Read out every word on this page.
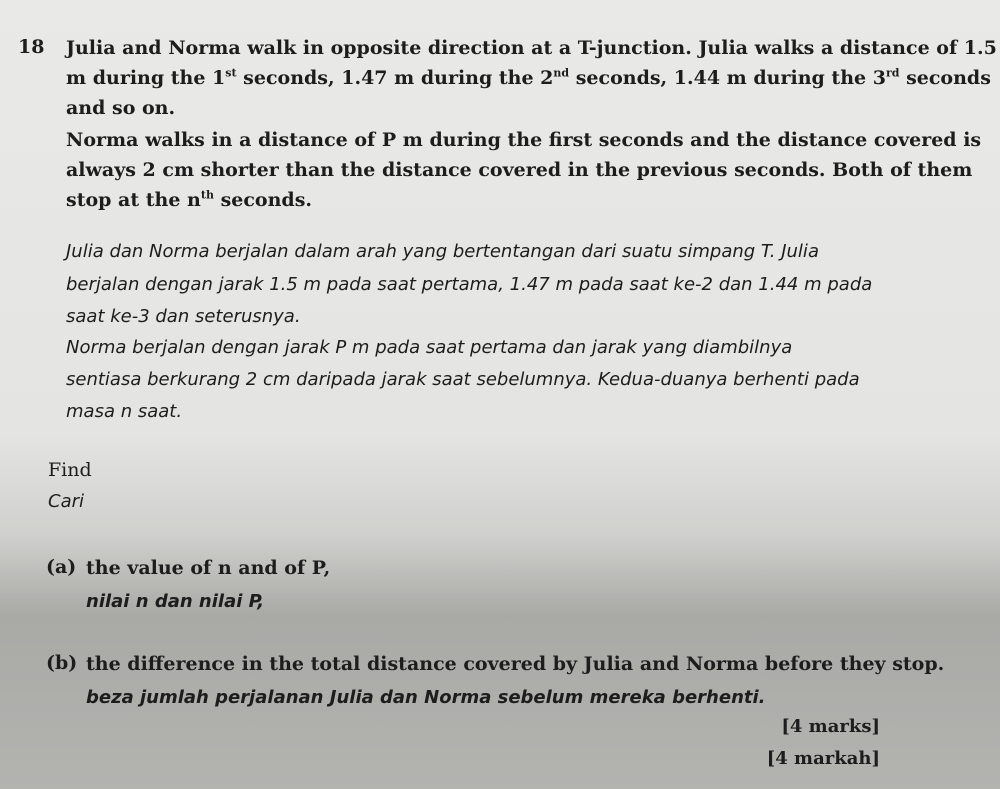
18 Julia and Norma walk in opposite direction at a T-junction. Julia walks a distance of 1.5
m during the 1st seconds, 1.47 m during the 2nd seconds, 1.44 m during the 3rd seconds
and so on.
Norma walks in a distance of P m during the first seconds and the distance covered is
always 2 cm shorter than the distance covered in the previous seconds. Both of them
stop at the $n^{th}$ seconds.
Julia dan Norma berjalan dalam arah yang bertentangan dari suatu simpang T. Julia
berjalan dengan jarak 1.5 m pada saat pertama, 1.47 m pada saat ke-2 dan 1.44 m pada
saat ke-3 dan seterusnya.
Norma berjalan dengan jarak P m pada saat pertama dan jarak yang diambilnya
sentiasa berkurang 2 cm daripada jarak saat sebelumnya. Kedua-duanya berhenti pada
masa n saat.
Find
Cari
(a) the value of n and of P,
nilai n dan nilai P,
(b) the difference in the total distance covered by Julia and Norma before they stop.
beza jumlah perjalanan Julia dan Norma sebelum mereka berhenti.
[4 marks]
[4 markah]
